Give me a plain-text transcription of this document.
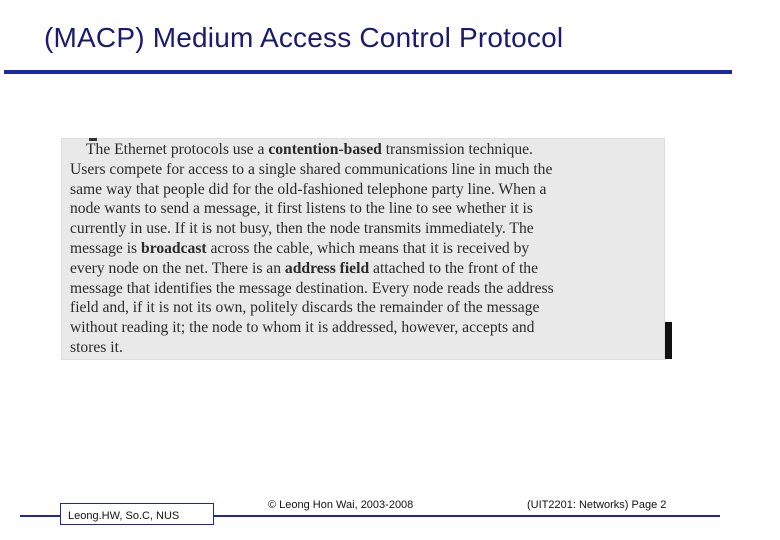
(MACP) Medium Access Control Protocol
The Ethernet protocols use a contention-based transmission technique.
Users compete for access to a single shared communications line in much the
same way that people did for the old-fashioned telephone party line. When a
node wants to send a message, it first listens to the line to see whether it is
currently in use. If it is not busy, then the node transmits immediately. The
message is broadcast across the cable, which means that it is received by
every node on the net. There is an address field attached to the front of the
message that identifies the message destination. Every node reads the address
field and, if it is not its own, politely discards the remainder of the message
without reading it; the node to whom it is addressed, however, accepts and
stores it.
Leong.HW, So.C, NUS
© Leong Hon Wai, 2003-2008	(UIT2201: Networks) Page 2
